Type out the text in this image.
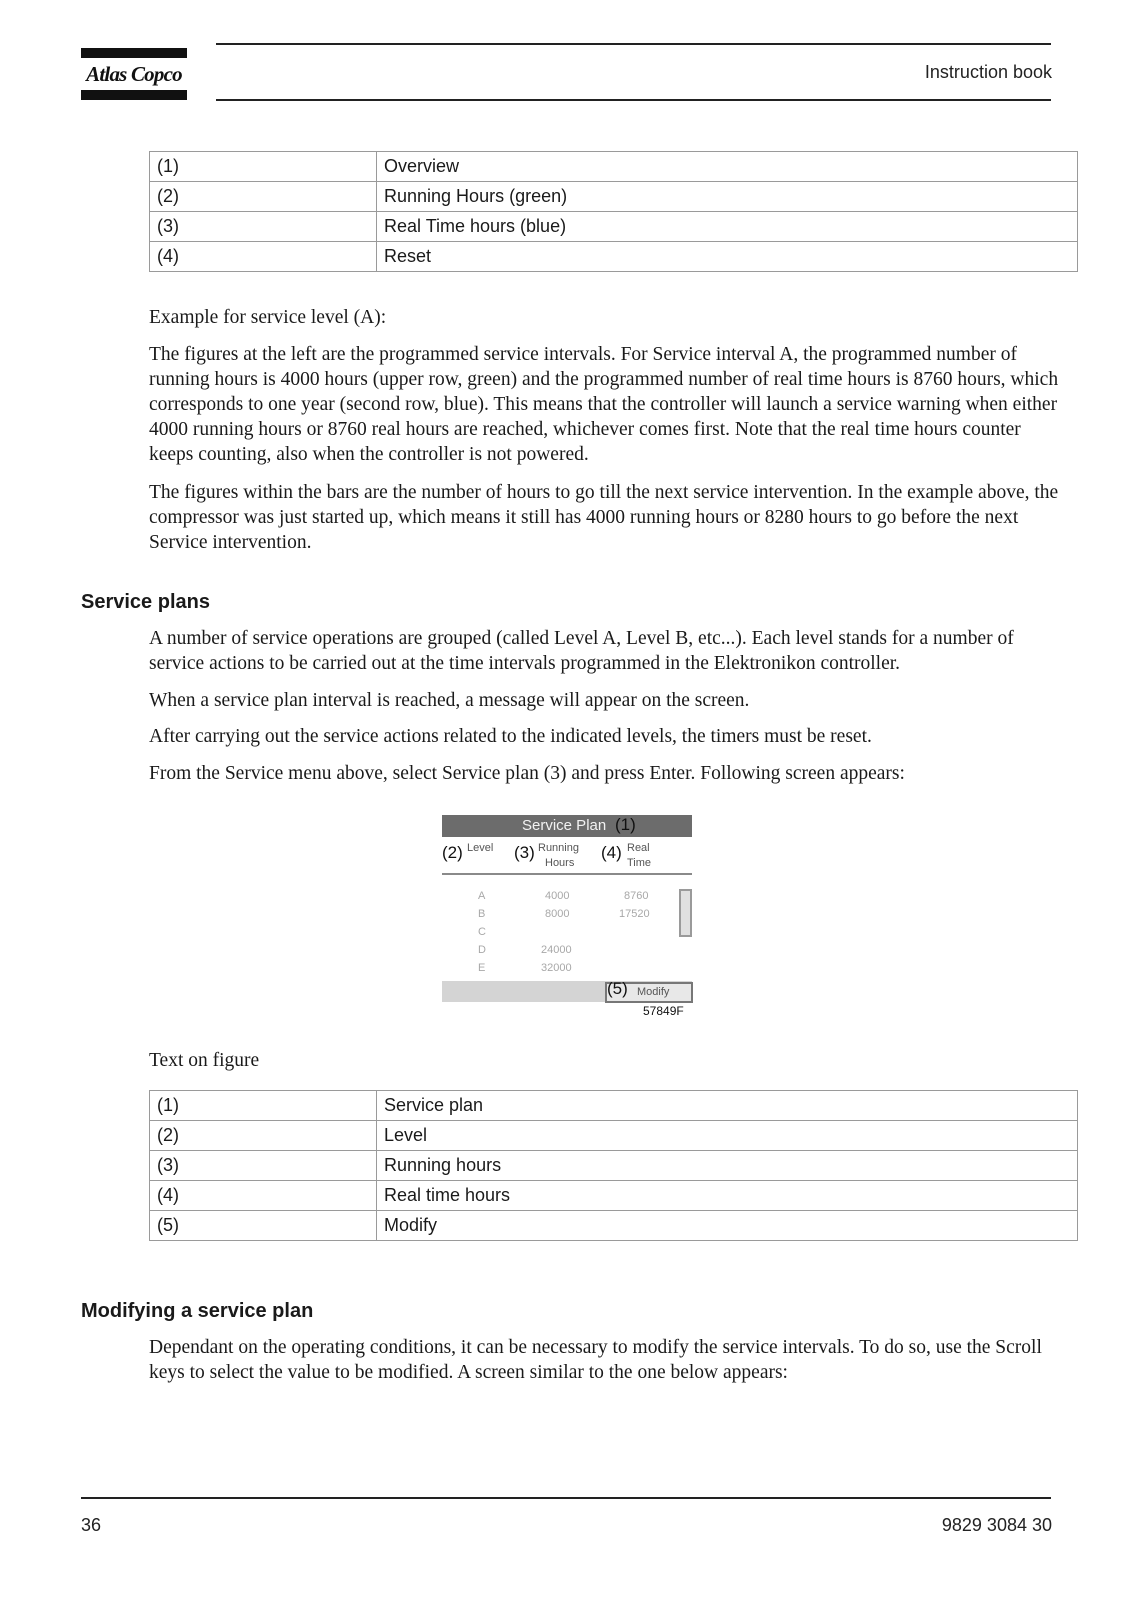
Atlas Copco	Instruction book
(1)	Overview
(2)	Running Hours (green)
(3)	Real Time hours (blue)
(4)	Reset

Example for service level (A):

The figures at the left are the programmed service intervals. For Service interval A, the programmed number of running hours is 4000 hours (upper row, green) and the programmed number of real time hours is 8760 hours, which corresponds to one year (second row, blue). This means that the controller will launch a service warning when either 4000 running hours or 8760 real hours are reached, whichever comes first. Note that the real time hours counter keeps counting, also when the controller is not powered.

The figures within the bars are the number of hours to go till the next service intervention. In the example above, the compressor was just started up, which means it still has 4000 running hours or 8280 hours to go before the next Service intervention.

Service plans

A number of service operations are grouped (called Level A, Level B, etc...). Each level stands for a number of service actions to be carried out at the time intervals programmed in the Elektronikon controller.

When a service plan interval is reached, a message will appear on the screen.

After carrying out the service actions related to the indicated levels, the timers must be reset.

From the Service menu above, select Service plan (3) and press Enter. Following screen appears:

Service Plan (1)
(2) Level (3) Running
Hours
(4) Real
Time
A	4000	8760
B	8000	17520
C
D	24000
E	32000
Modify
(5)
57849F

Text on figure

(1)	Service plan
(2)	Level
(3)	Running hours
(4)	Real time hours
(5)	Modify
Modifying a service plan

Dependant on the operating conditions, it can be necessary to modify the service intervals. To do so, use the Scroll keys to select the value to be modified. A screen similar to the one below appears:

36	9829 3084 30
